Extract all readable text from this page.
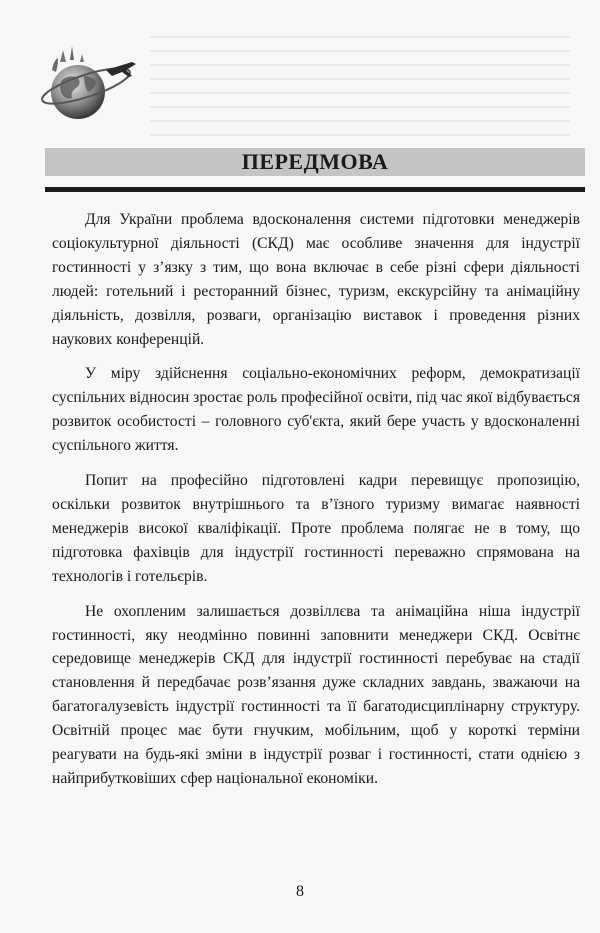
ПЕРЕДМОВА

Для України проблема вдосконалення системи підготовки менеджерів соціокультурної діяльності (СКД) має особливе значення для індустрії гостинності у з’язку з тим, що вона включає в себе різні сфери діяльності людей: готельний і ресторанний бізнес, туризм, екскурсійну та анімаційну діяльність, дозвілля, розваги, організацію виставок і проведення різних наукових конференцій.

У міру здійснення соціально-економічних реформ, демократизації суспільних відносин зростає роль професійної освіти, під час якої відбувається розвиток особистості – головного суб'єкта, який бере участь у вдосконаленні суспільного життя.

Попит на професійно підготовлені кадри перевищує пропозицію, оскільки розвиток внутрішнього та в’їзного туризму вимагає наявності менеджерів високої кваліфікації. Проте проблема полягає не в тому, що підготовка фахівців для індустрії гостинності переважно спрямована на технологів і готельєрів.

Не охопленим залишається дозвіллєва та анімаційна ніша індустрії гостинності, яку неодмінно повинні заповнити менеджери СКД. Освітнє середовище менеджерів СКД для індустрії гостинності перебуває на стадії становлення й передбачає розв’язання дуже складних завдань, зважаючи на багатогалузевість індустрії гостинності та її багатодисциплінарну структуру. Освітній процес має бути гнучким, мобільним, щоб у короткі терміни реагувати на будь-які зміни в індустрії розваг і гостинності, стати однією з найприбутковіших сфер національної економіки.

8
